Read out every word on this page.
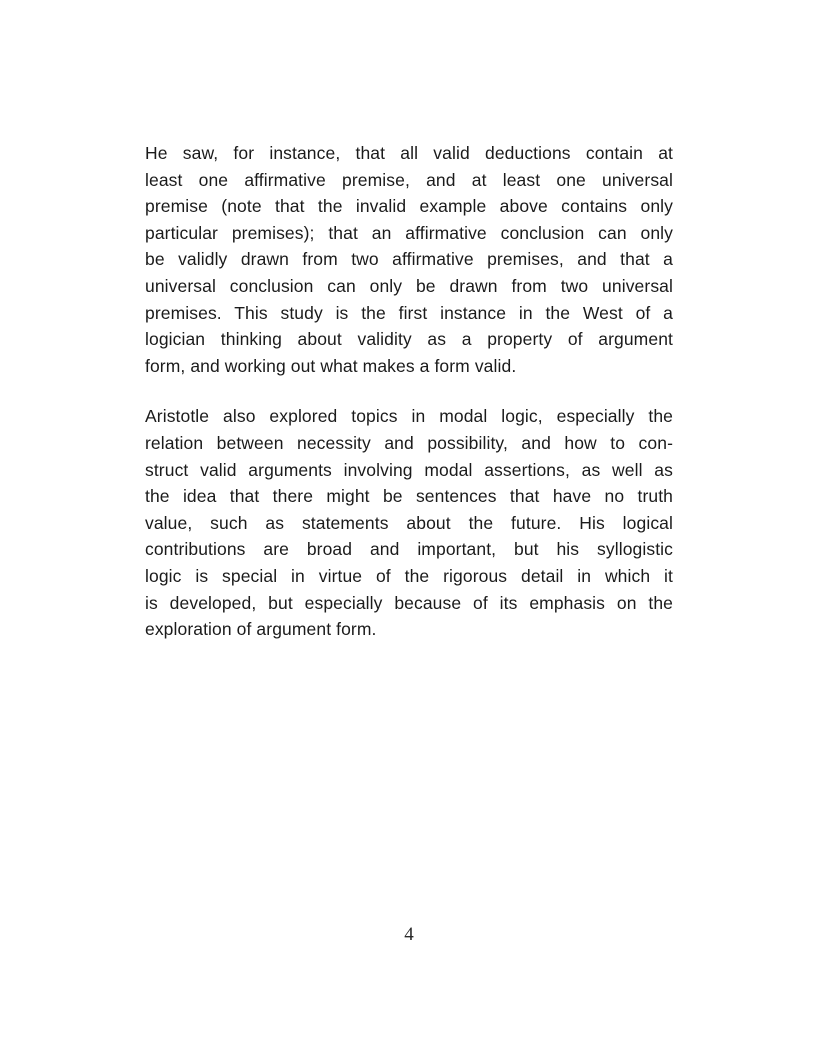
He saw, for instance, that all valid deductions contain at
least one affirmative premise, and at least one universal
premise (note that the invalid example above contains only
particular premises); that an affirmative conclusion can only
be validly drawn from two affirmative premises, and that a
universal conclusion can only be drawn from two universal
premises. This study is the first instance in the West of a
logician thinking about validity as a property of argument
form, and working out what makes a form valid.
Aristotle also explored topics in modal logic, especially the
relation between necessity and possibility, and how to con-
struct valid arguments involving modal assertions, as well as
the idea that there might be sentences that have no truth
value, such as statements about the future. His logical
contributions are broad and important, but his syllogistic
logic is special in virtue of the rigorous detail in which it
is developed, but especially because of its emphasis on the
exploration of argument form.
4
